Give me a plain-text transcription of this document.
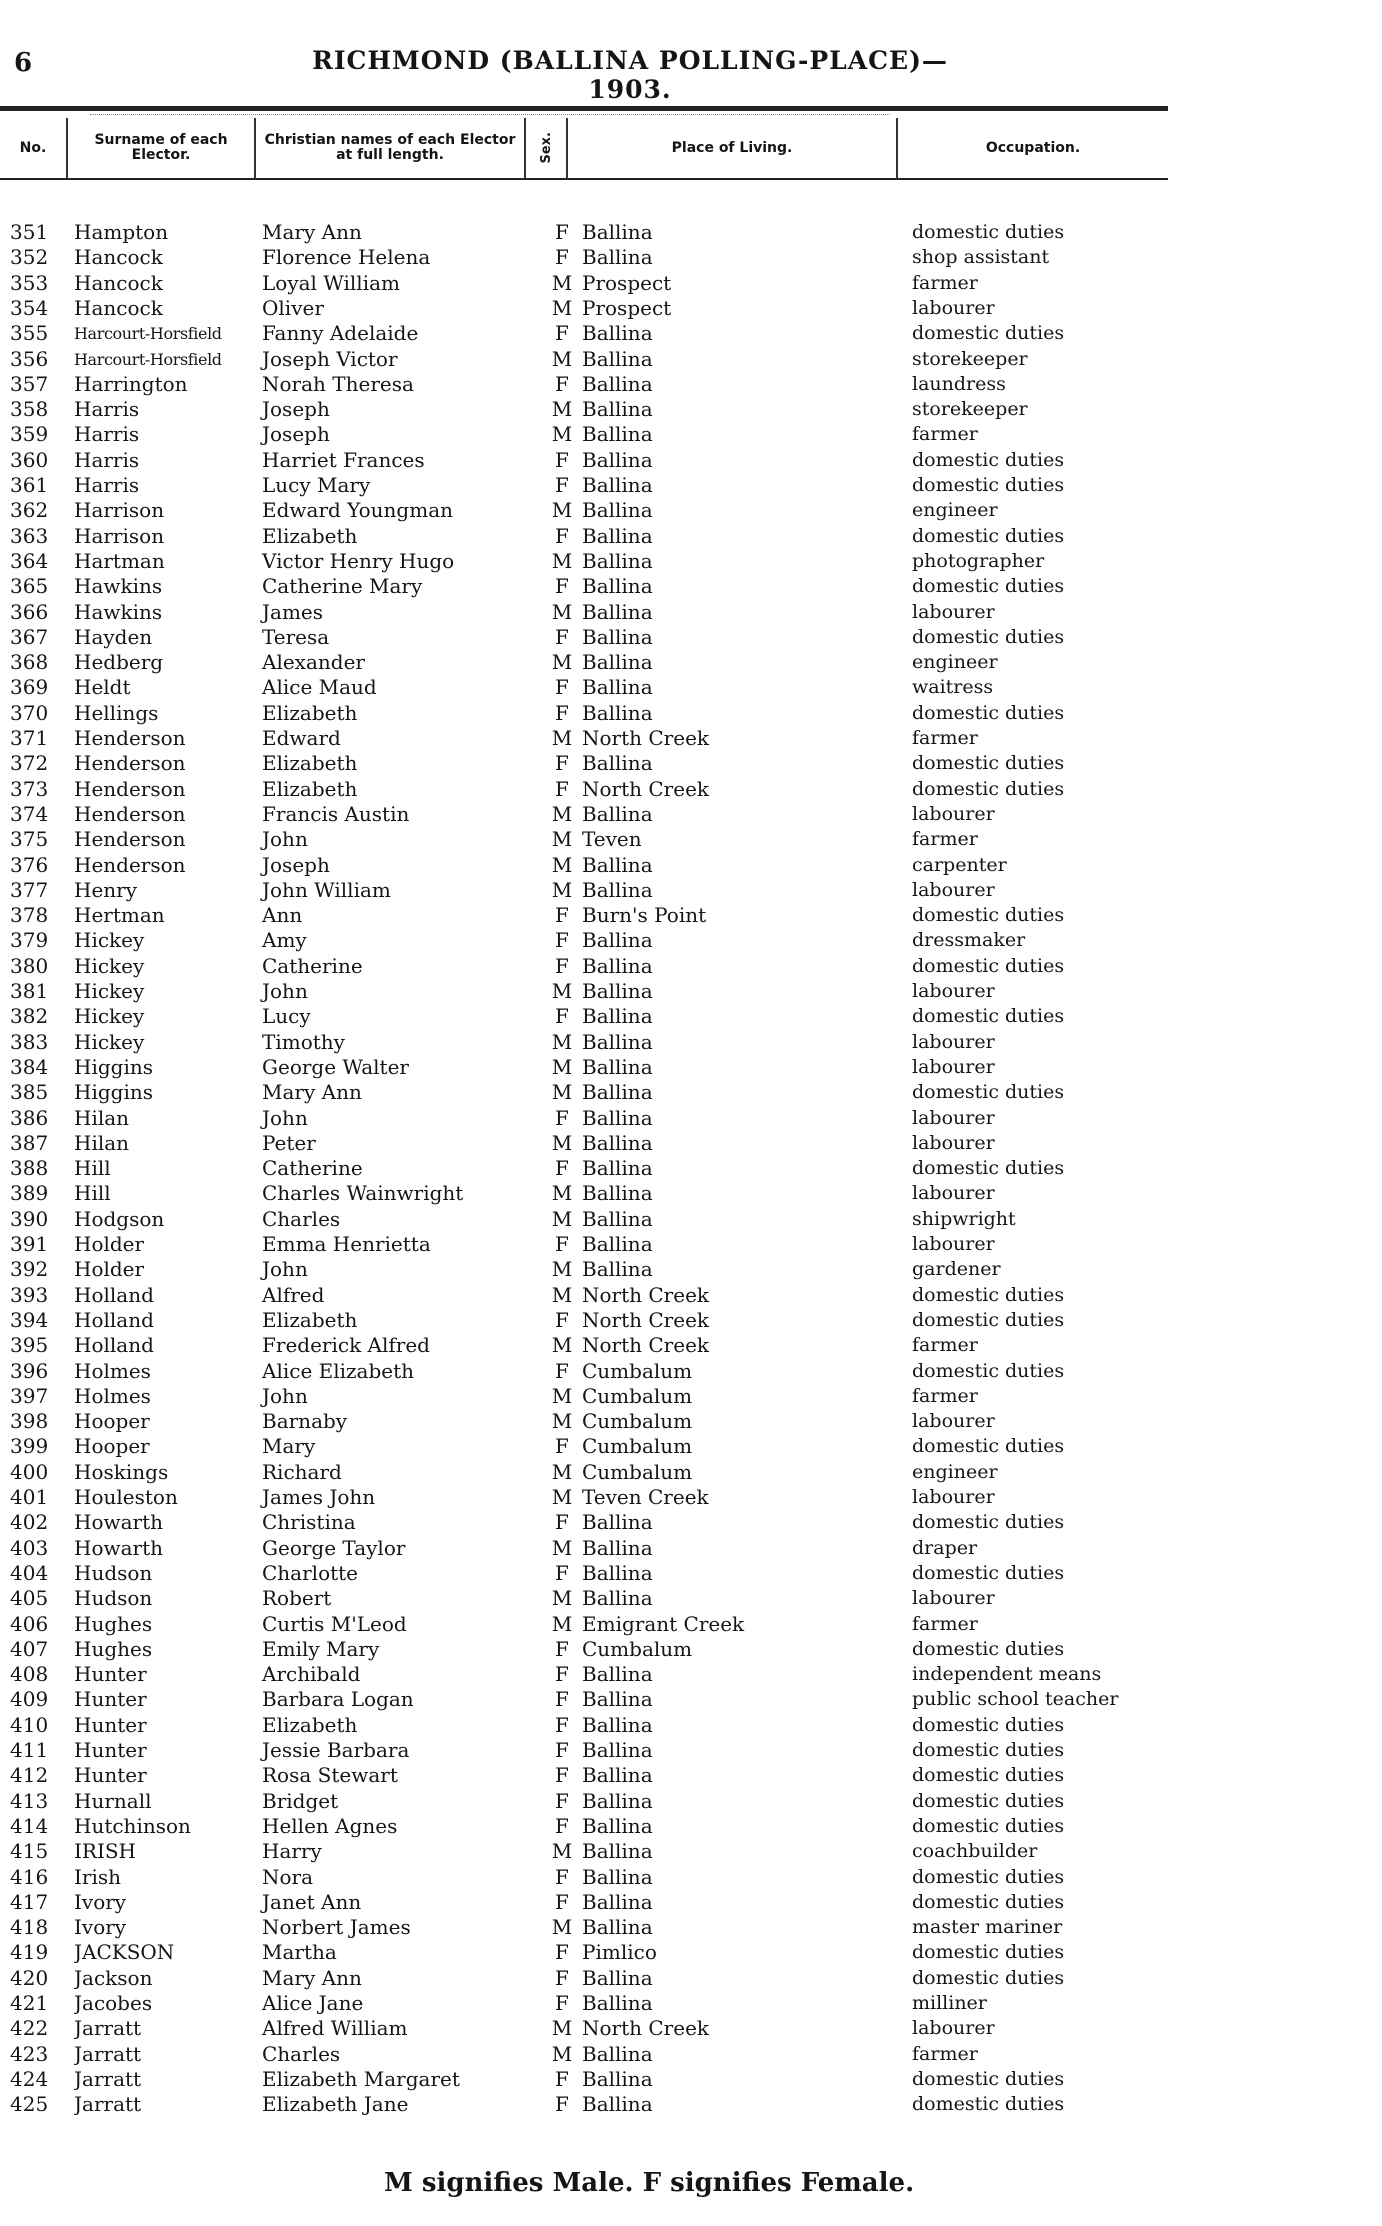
6	RICHMOND (BALLINA POLLING-PLACE)—1903.
No.	Surname of each Elector.
Christian names of each Elector at full length.	Sex.	Place of Living.	Occupation.
351	Hampton	Mary Ann	F Ballina	domestic duties
352	Hancock	Florence Helena	F Ballina	shop assistant
353	Hancock	Loyal William	M Prospect	farmer
354	Hancock	Oliver	M Prospect	labourer
355	Harcourt-Horsfield	Fanny Adelaide	F Ballina	domestic duties
356	Harcourt-Horsfield	Joseph Victor	M Ballina	storekeeper
357	Harrington	Norah Theresa	F Ballina	laundress
358	Harris	Joseph	M Ballina	storekeeper
359	Harris	Joseph	M Ballina	farmer
360	Harris	Harriet Frances	F Ballina	domestic duties
361	Harris	Lucy Mary	F Ballina	domestic duties
362	Harrison	Edward Youngman	M Ballina	engineer
363	Harrison	Elizabeth	F Ballina	domestic duties
364	Hartman	Victor Henry Hugo	M Ballina	photographer
365	Hawkins	Catherine Mary	F Ballina	domestic duties
366	Hawkins	James	M Ballina	labourer
367	Hayden	Teresa	F Ballina	domestic duties
368	Hedberg	Alexander	M Ballina	engineer
369	Heldt	Alice Maud	F Ballina	waitress
370	Hellings	Elizabeth	F Ballina	domestic duties
371	Henderson	Edward	M North Creek	farmer
372	Henderson	Elizabeth	F Ballina	domestic duties
373	Henderson	Elizabeth	F North Creek	domestic duties
374	Henderson	Francis Austin	M Ballina	labourer
375	Henderson	John	M Teven	farmer
376	Henderson	Joseph	M Ballina	carpenter
377	Henry	John William	M Ballina	labourer
378	Hertman	Ann	F Burn's Point	domestic duties
379	Hickey	Amy	F Ballina	dressmaker
380	Hickey	Catherine	F Ballina	domestic duties
381	Hickey	John	M Ballina	labourer
382	Hickey	Lucy	F Ballina	domestic duties
383	Hickey	Timothy	M Ballina	labourer
384	Higgins	George Walter	M Ballina	labourer
385	Higgins	Mary Ann	M Ballina	domestic duties
386	Hilan	John	F Ballina	labourer
387	Hilan	Peter	M Ballina	labourer
388	Hill	Catherine	F Ballina	domestic duties
389	Hill	Charles Wainwright	M Ballina	labourer
390	Hodgson	Charles	M Ballina	shipwright
391	Holder	Emma Henrietta	F Ballina	labourer
392	Holder	John	M Ballina	gardener
393	Holland	Alfred	M North Creek	domestic duties
394	Holland	Elizabeth	F North Creek	domestic duties
395	Holland	Frederick Alfred	M North Creek	farmer
396	Holmes	Alice Elizabeth	F Cumbalum	domestic duties
397	Holmes	John	M Cumbalum	farmer
398	Hooper	Barnaby	M Cumbalum	labourer
399	Hooper	Mary	F Cumbalum	domestic duties
400	Hoskings	Richard	M Cumbalum	engineer
401	Houleston	James John	M Teven Creek	labourer
402	Howarth	Christina	F Ballina	domestic duties
403	Howarth	George Taylor	M Ballina	draper
404	Hudson	Charlotte	F Ballina	domestic duties
405	Hudson	Robert	M Ballina	labourer
406	Hughes	Curtis M'Leod	M Emigrant Creek	farmer
407	Hughes	Emily Mary	F Cumbalum	domestic duties
408	Hunter	Archibald	F Ballina	independent means
409	Hunter	Barbara Logan	F Ballina	public school teacher
410	Hunter	Elizabeth	F Ballina	domestic duties
411	Hunter	Jessie Barbara	F Ballina	domestic duties
412	Hunter	Rosa Stewart	F Ballina	domestic duties
413	Hurnall	Bridget	F Ballina	domestic duties
414	Hutchinson	Hellen Agnes	F Ballina	domestic duties
415	IRISH	Harry	M Ballina	coachbuilder
416	Irish	Nora	F Ballina	domestic duties
417	Ivory	Janet Ann	F Ballina	domestic duties
418	Ivory	Norbert James	M Ballina	master mariner
419	JACKSON	Martha	F Pimlico	domestic duties
420	Jackson	Mary Ann	F Ballina	domestic duties
421	Jacobes	Alice Jane	F Ballina	milliner
422	Jarratt	Alfred William	M North Creek	labourer
423	Jarratt	Charles	M Ballina	farmer
424	Jarratt	Elizabeth Margaret	F Ballina	domestic duties
425	Jarratt	Elizabeth Jane	F Ballina	domestic duties
M signifies Male. F signifies Female.
